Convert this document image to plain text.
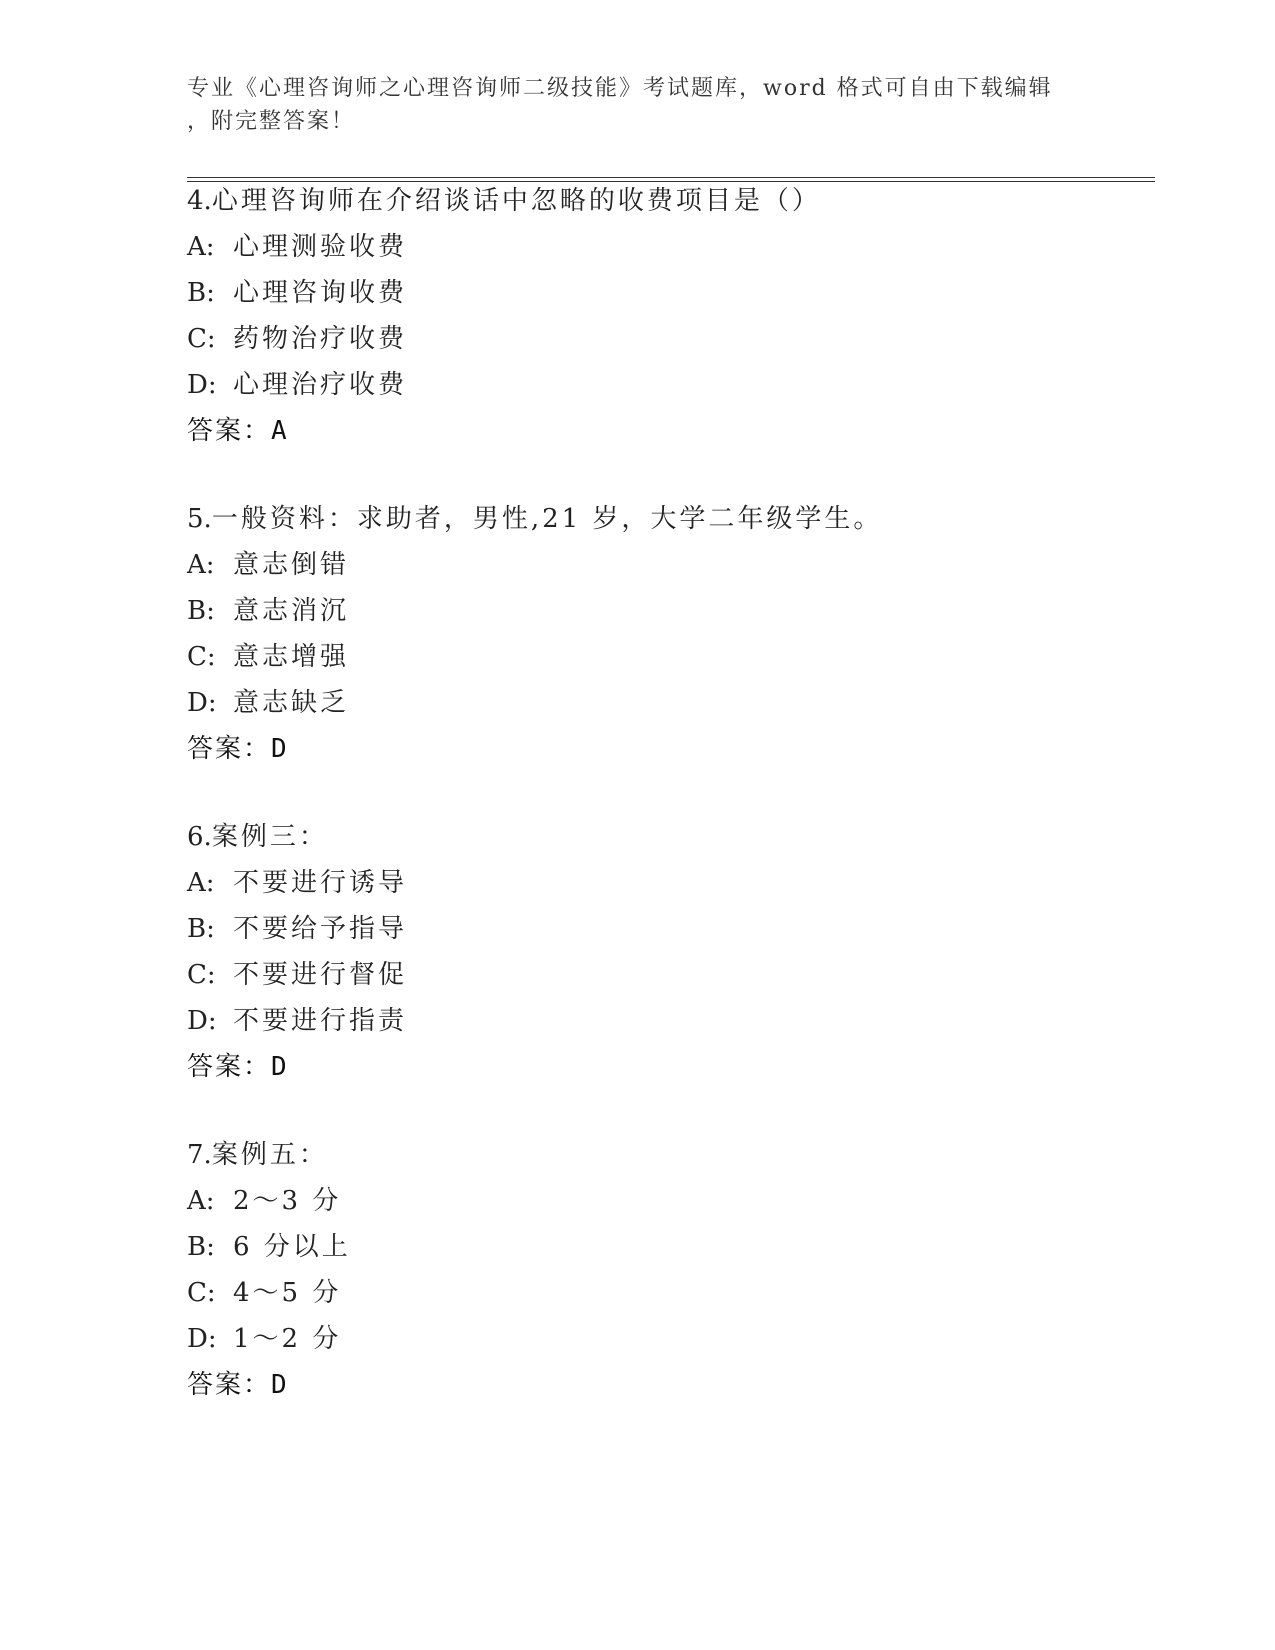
专业《心理咨询师之心理咨询师二级技能》考试题库，word 格式可自由下载编辑
，附完整答案！
4.心理咨询师在介绍谈话中忽略的收费项目是（）
A: 心理测验收费
B: 心理咨询收费
C: 药物治疗收费
D: 心理治疗收费
答案：A
5.一般资料：求助者，男性,21 岁，大学二年级学生。
A: 意志倒错
B: 意志消沉
C: 意志增强
D: 意志缺乏
答案：D
6.案例三：
A: 不要进行诱导
B: 不要给予指导
C: 不要进行督促
D: 不要进行指责
答案：D
7.案例五：
A: 2～3 分
B: 6 分以上
C: 4～5 分
D: 1～2 分
答案：D
